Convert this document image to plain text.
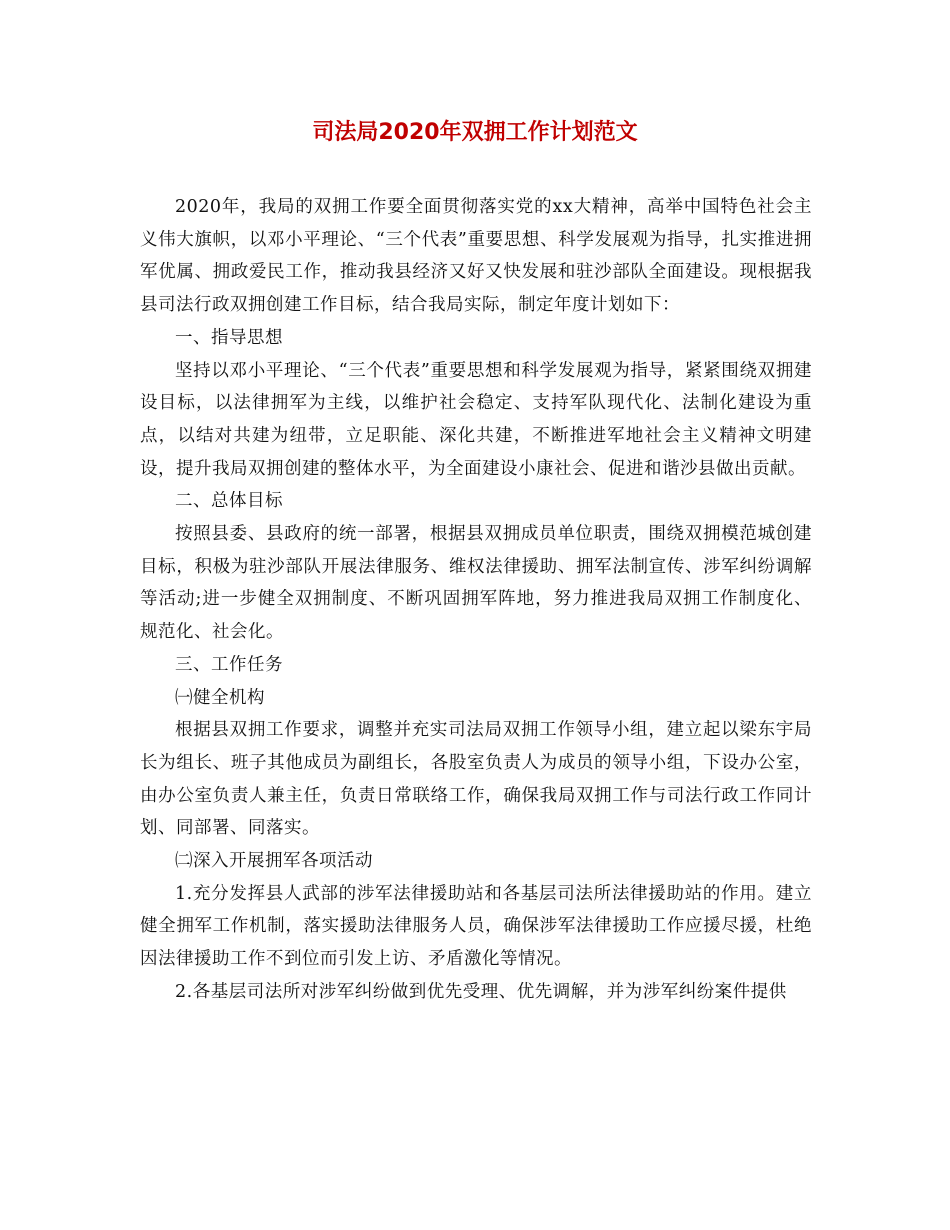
司法局2020年双拥工作计划范文

2020年，我局的双拥工作要全面贯彻落实党的xx大精神，高举中国特色社会主义伟大旗帜，以邓小平理论、“三个代表”重要思想、科学发展观为指导，扎实推进拥军优属、拥政爱民工作，推动我县经济又好又快发展和驻沙部队全面建设。现根据我县司法行政双拥创建工作目标，结合我局实际，制定年度计划如下：

一、指导思想

坚持以邓小平理论、“三个代表”重要思想和科学发展观为指导，紧紧围绕双拥建设目标，以法律拥军为主线，以维护社会稳定、支持军队现代化、法制化建设为重点，以结对共建为纽带，立足职能、深化共建，不断推进军地社会主义精神文明建设，提升我局双拥创建的整体水平，为全面建设小康社会、促进和谐沙县做出贡献。

二、总体目标

按照县委、县政府的统一部署，根据县双拥成员单位职责，围绕双拥模范城创建目标，积极为驻沙部队开展法律服务、维权法律援助、拥军法制宣传、涉军纠纷调解等活动;进一步健全双拥制度、不断巩固拥军阵地，努力推进我局双拥工作制度化、规范化、社会化。

三、工作任务

㈠健全机构

根据县双拥工作要求，调整并充实司法局双拥工作领导小组，建立起以梁东宇局长为组长、班子其他成员为副组长，各股室负责人为成员的领导小组，下设办公室，由办公室负责人兼主任，负责日常联络工作，确保我局双拥工作与司法行政工作同计划、同部署、同落实。

㈡深入开展拥军各项活动

1.充分发挥县人武部的涉军法律援助站和各基层司法所法律援助站的作用。建立健全拥军工作机制，落实援助法律服务人员，确保涉军法律援助工作应援尽援，杜绝因法律援助工作不到位而引发上访、矛盾激化等情况。

2.各基层司法所对涉军纠纷做到优先受理、优先调解，并为涉军纠纷案件提供
